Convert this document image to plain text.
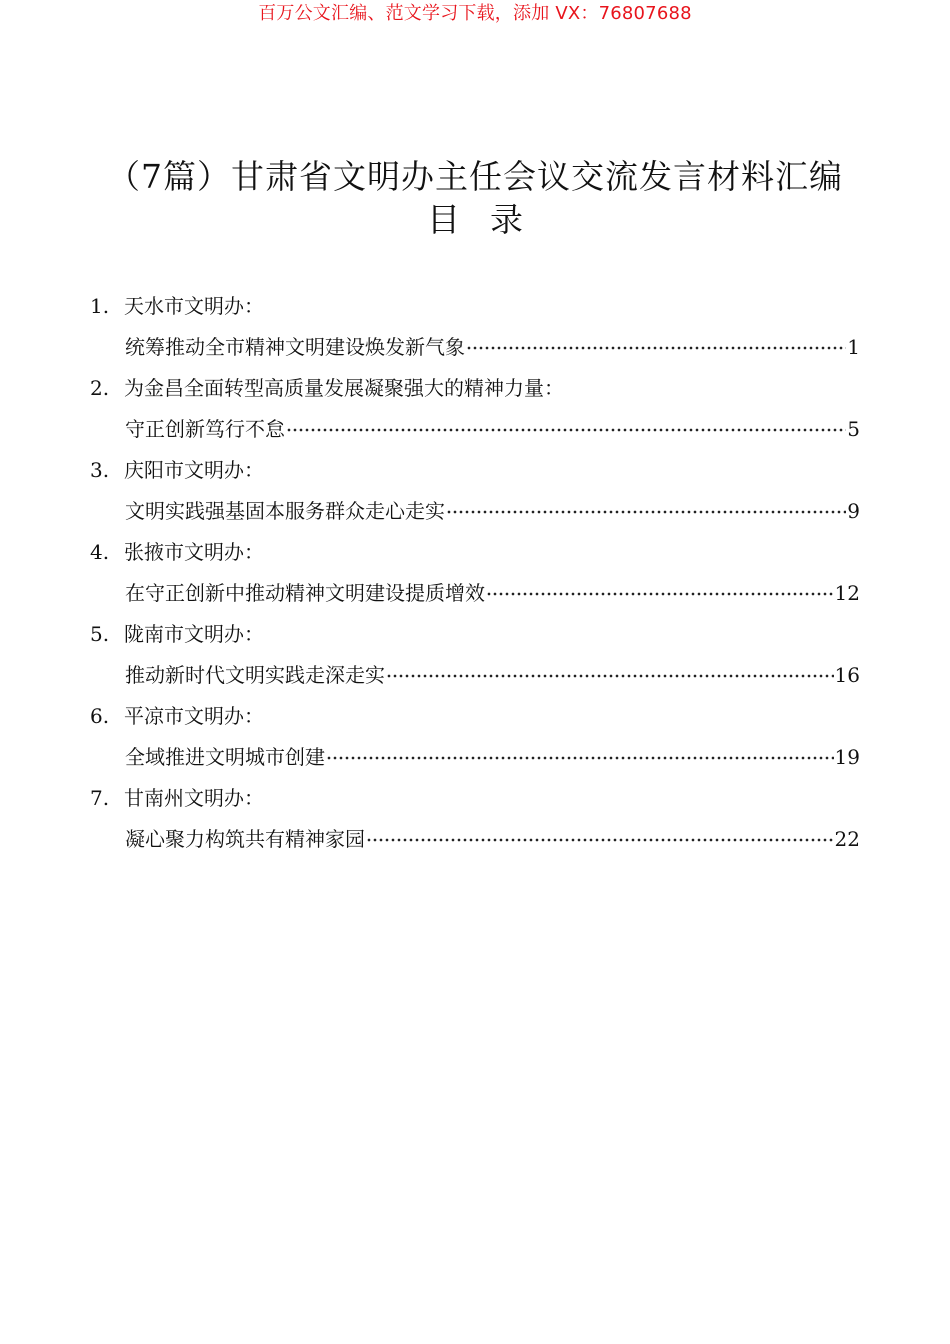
百万公文汇编、范文学习下载，添加 VX：76807688
（7篇）甘肃省文明办主任会议交流发言材料汇编
目 录
1. 天水市文明办：
统筹推动全市精神文明建设焕发新气象	1
2. 为金昌全面转型高质量发展凝聚强大的精神力量：
守正创新笃行不怠	5
3. 庆阳市文明办：
文明实践强基固本服务群众走心走实	9
4. 张掖市文明办：
在守正创新中推动精神文明建设提质增效	12
5. 陇南市文明办：
推动新时代文明实践走深走实	16
6. 平凉市文明办：
全域推进文明城市创建	19
7. 甘南州文明办：
凝心聚力构筑共有精神家园	22
